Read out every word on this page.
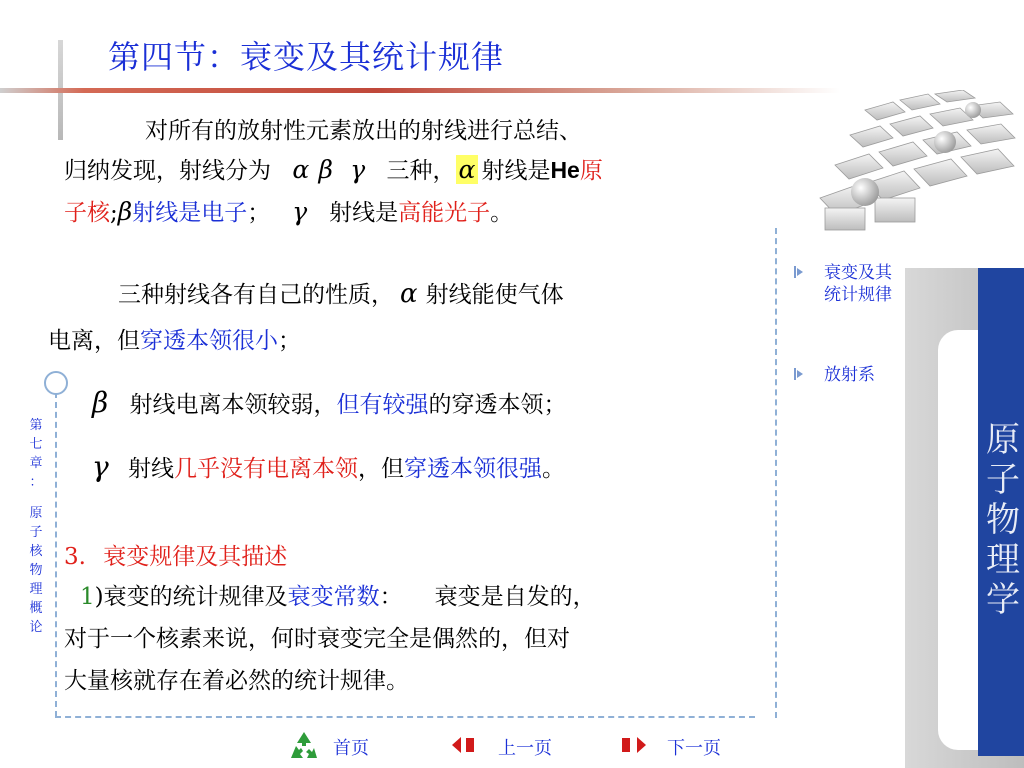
第四节：衰变及其统计规律
对所有的放射性元素放出的射线进行总结、
归纳发现，射线分为 α β γ 三种， α 射线是He原
子核;β射线是电子； γ 射线是高能光子。
三种射线各有自己的性质， α 射线能使气体
电离，但穿透本领很小；
β 射线电离本领较弱，但有较强的穿透本领；
γ 射线几乎没有电离本领，但穿透本领很强。
3. 衰变规律及其描述
1)衰变的统计规律及衰变常数： 衰变是自发的，
对于一个核素来说，何时衰变完全是偶然的，但对
大量核就存在着必然的统计规律。
第
七
章
：
原
子
核
物
理
概
论
原
子
物
理
学
衰变及其
统计规律
放射系
首页	上一页	下一页
